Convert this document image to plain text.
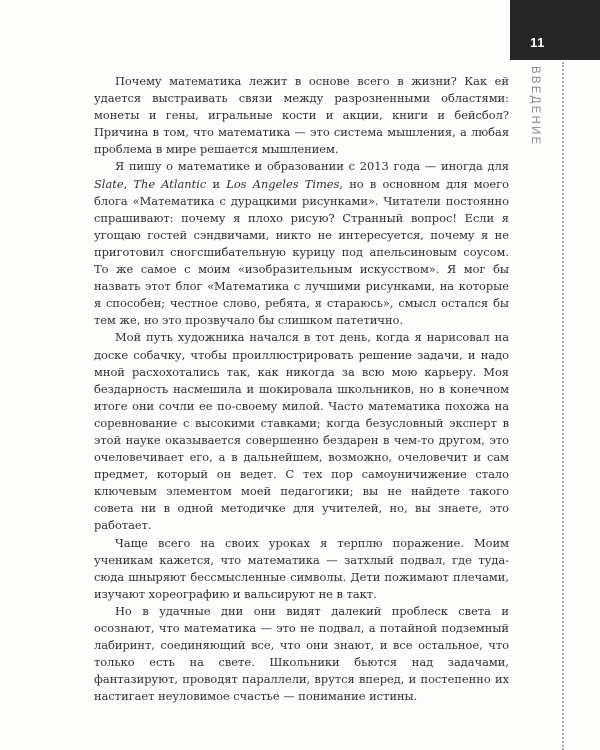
11
ВВЕДЕНИЕ

Почему математика лежит в основе всего в жизни? Как ей удается выстраивать связи между разрозненными областями: монеты и гены, игральные кости и акции, книги и бейсбол? Причина в том, что математика — это система мышления, а любая проблема в мире решается мышлением.

Я пишу о математике и образовании с 2013 года — иногда для Slate, The Atlantic и Los Angeles Times, но в основном для моего блога «Математика с дурацкими рисунками». Читатели постоянно спрашивают: почему я плохо рисую? Странный вопрос! Если я угощаю гостей сэндвичами, никто не интересуется, почему я не приготовил сногсшибательную курицу под апельсиновым соусом. То же самое с моим «изобразительным искусством». Я мог бы назвать этот блог «Математика с лучшими рисунками, на которые я способен; честное слово, ребята, я стараюсь», смысл остался бы тем же, но это прозвучало бы слишком патетично.

Мой путь художника начался в тот день, когда я нарисовал на доске собачку, чтобы проиллюстрировать решение задачи, и надо мной расхохотались так, как никогда за всю мою карьеру. Моя бездарность насмешила и шокировала школьников, но в конечном итоге они сочли ее по-своему милой. Часто математика похожа на соревнование с высокими ставками; когда безусловный эксперт в этой науке оказывается совершенно бездарен в чем-то другом, это очеловечивает его, а в дальнейшем, возможно, очеловечит и сам предмет, который он ведет. С тех пор самоуничижение стало ключевым элементом моей педагогики; вы не найдете такого совета ни в одной методичке для учителей, но, вы знаете, это работает.

Чаще всего на своих уроках я терплю поражение. Моим ученикам кажется, что математика — затхлый подвал, где туда-сюда шныряют бессмысленные символы. Дети пожимают плечами, изучают хореографию и вальсируют не в такт.

Но в удачные дни они видят далекий проблеск света и осознают, что математика — это не подвал, а потайной подземный лабиринт, соединяющий все, что они знают, и все остальное, что только есть на свете. Школьники бьются над задачами, фантазируют, проводят параллели, врутся вперед, и постепенно их настигает неуловимое счастье — понимание истины.
